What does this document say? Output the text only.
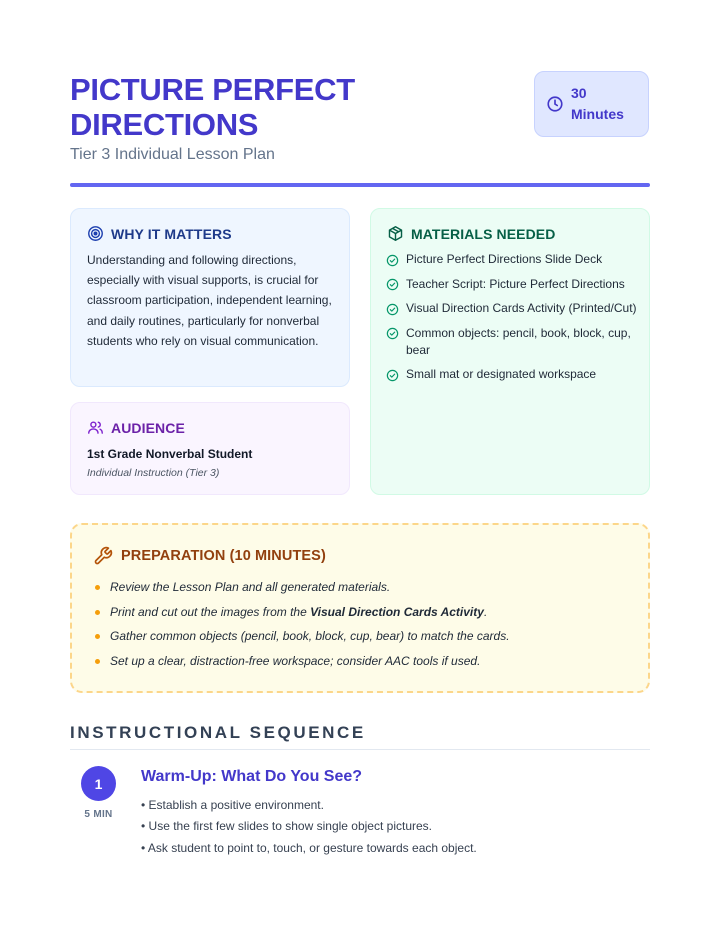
PICTURE PERFECT DIRECTIONS
Tier 3 Individual Lesson Plan
30
Minutes
WHY IT MATTERS

Understanding and following directions, especially with visual supports, is crucial for classroom participation, independent learning, and daily routines, particularly for nonverbal students who rely on visual communication.

AUDIENCE
1st Grade Nonverbal Student
Individual Instruction (Tier 3)
MATERIALS NEEDED
Picture Perfect Directions Slide Deck
Teacher Script: Picture Perfect Directions
Visual Direction Cards Activity (Printed/Cut)
Common objects: pencil, book, block, cup, bear
Small mat or designated workspace
PREPARATION (10 MINUTES)
Review the Lesson Plan and all generated materials.
Print and cut out the images from the Visual Direction Cards Activity.
Gather common objects (pencil, book, block, cup, bear) to match the cards.
Set up a clear, distraction-free workspace; consider AAC tools if used.
INSTRUCTIONAL SEQUENCE
1
5 MIN
Warm-Up: What Do You See?
• Establish a positive environment.
• Use the first few slides to show single object pictures.
• Ask student to point to, touch, or gesture towards each object.
